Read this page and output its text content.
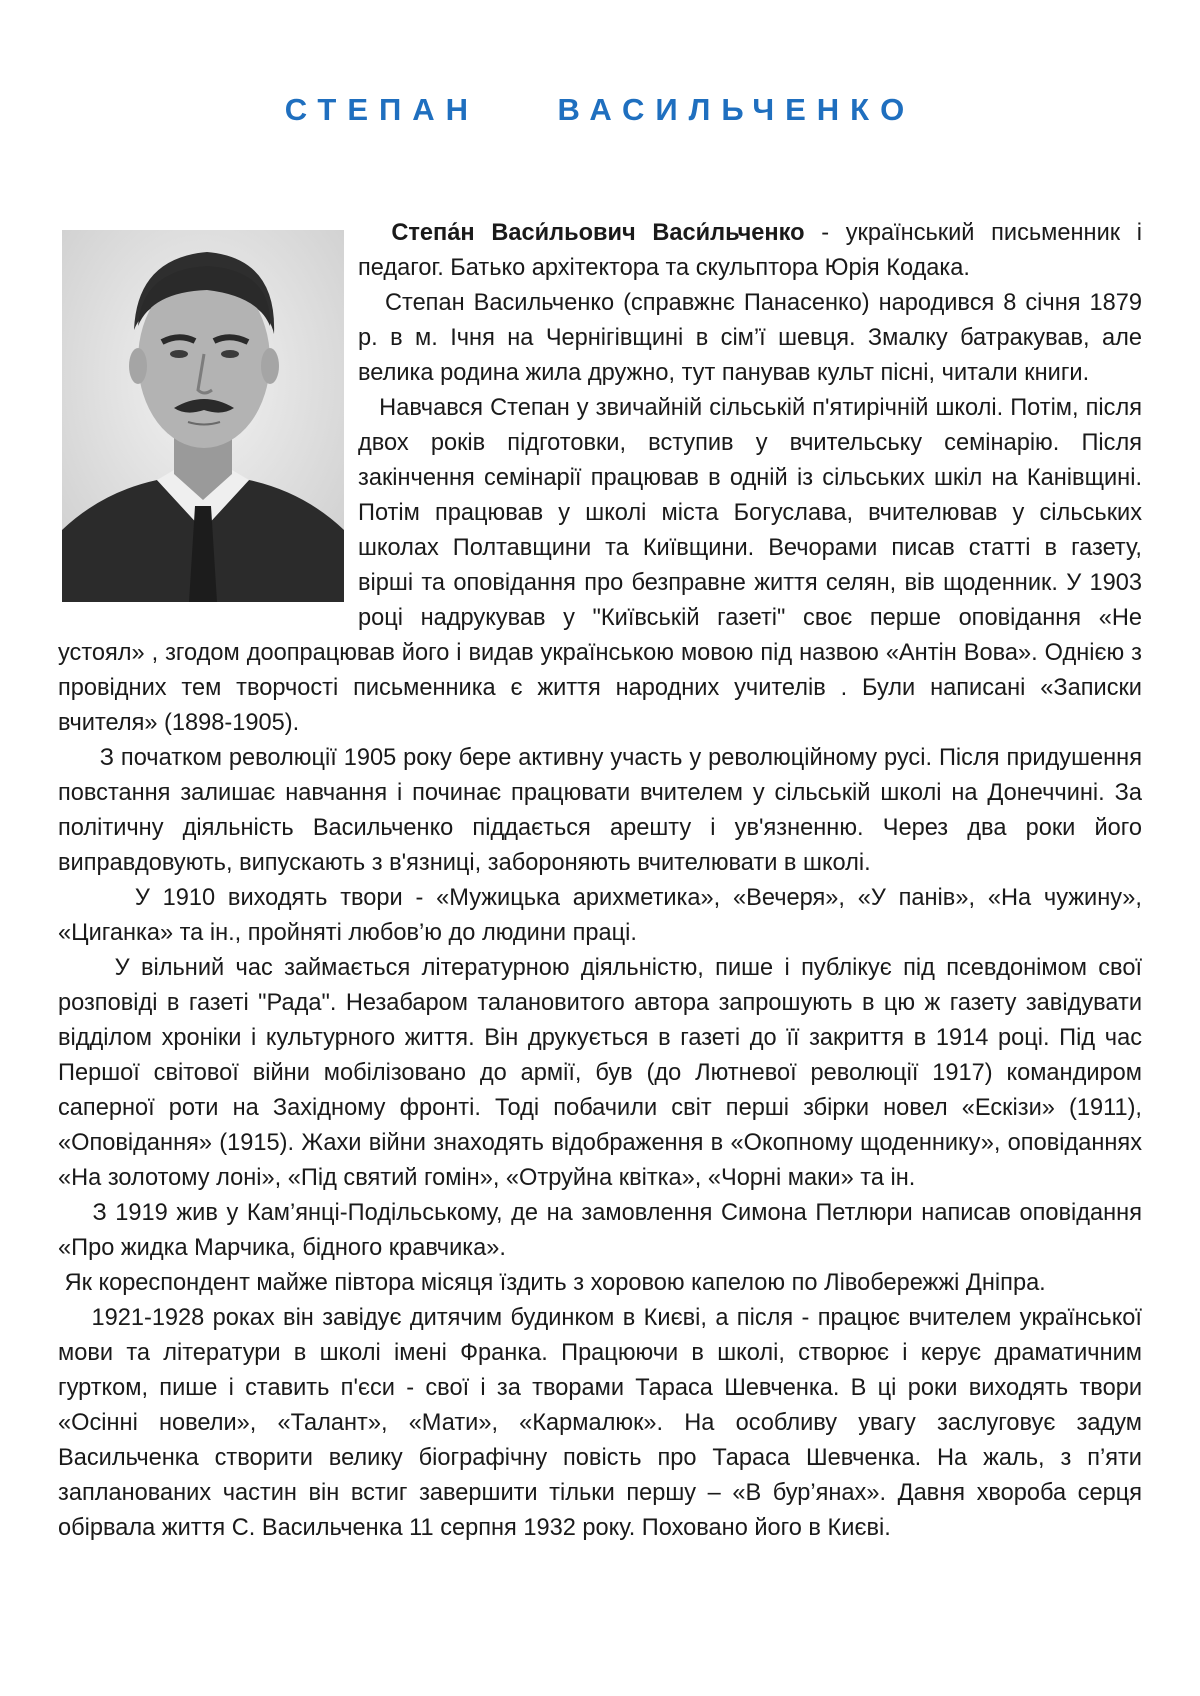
СТЕПАН    ВАСИЛЬЧЕНКО

Степа́н Васи́льович Васи́льченко - український письменник і педагог. Батько архітектора та скульптора Юрія Кодака.

Степан Васильченко (справжнє Панасенко) народився 8 січня 1879 р. в м. Ічня на Чернігівщині в сім’ї шевця. Змалку батракував, але велика родина жила дружно, тут панував культ пісні, читали книги.

Навчався Степан у звичайній сільській п'ятирічній школі. Потім, після двох років підготовки, вступив у вчительську семінарію. Після закінчення семінарії працював в одній із сільських шкіл на Канівщині. Потім працював у школі міста Богуслава, вчителював у сільських школах Полтавщини та Київщини. Вечорами писав статті в газету, вірші та оповідання про безправне життя селян, вів щоденник. У 1903 році надрукував у "Київській газеті" своє перше оповідання «Не устоял» , згодом доопрацював його і видав українською мовою під назвою «Антін Вова». Однією з провідних тем творчості письменника є життя народних учителів . Були написані «Записки вчителя» (1898-1905).

З початком революції 1905 року бере активну участь у революційному русі. Після придушення повстання залишає навчання і починає працювати вчителем у сільській школі на Донеччині. За політичну діяльність Васильченко піддається арешту і ув'язненню. Через два роки його виправдовують, випускають з в'язниці, забороняють вчителювати в школі.

У 1910 виходять твори - «Мужицька арихметика», «Вечеря», «У панів», «На чужину», «Циганка» та ін., пройняті любов’ю до людини праці.

У вільний час займається літературною діяльністю, пише і публікує під псевдонімом свої розповіді в газеті "Рада". Незабаром талановитого автора запрошують в цю ж газету завідувати відділом хроніки і культурного життя. Він друкується в газеті до її закриття в 1914 році. Під час Першої світової війни мобілізовано до армії, був (до Лютневої революції 1917) командиром саперної роти на Західному фронті. Тоді побачили світ перші збірки новел «Ескізи» (1911), «Оповідання» (1915). Жахи війни знаходять відображення в «Окопному щоденнику», оповіданнях «На золотому лоні», «Під святий гомін», «Отруйна квітка», «Чорні маки» та ін.

З 1919 жив у Кам’янці-Подільському, де на замовлення Симона Петлюри написав оповідання «Про жидка Марчика, бідного кравчика».

Як кореспондент майже півтора місяця їздить з хоровою капелою по Лівобережжі Дніпра.

1921-1928 роках він завідує дитячим будинком в Києві, а після - працює вчителем української мови та літератури в школі імені Франка. Працюючи в школі, створює і керує драматичним гуртком, пише і ставить п'єси - свої і за творами Тараса Шевченка. В ці роки виходять твори «Осінні новели», «Талант», «Мати», «Кармалюк». На особливу увагу заслуговує задум Васильченка створити велику біографічну повість про Тараса Шевченка. На жаль, з п’яти запланованих частин він встиг завершити тільки першу – «В бур’янах». Давня хвороба серця обірвала життя С. Васильченка 11 серпня 1932 року. Поховано його в Києві.
